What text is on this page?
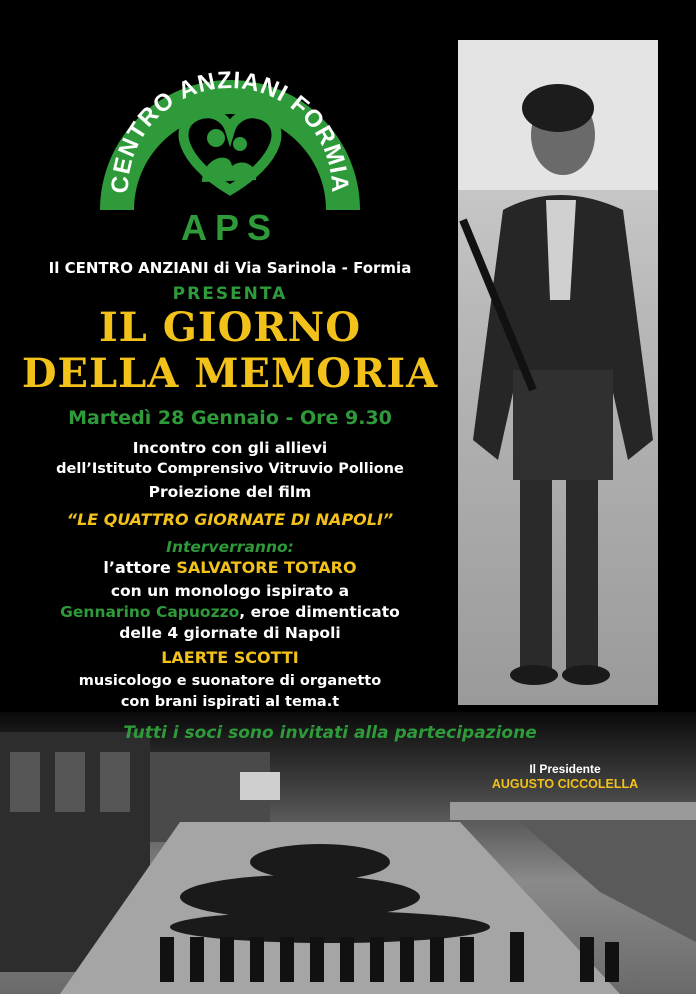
CENTRO ANZIANI FORMIA
APS
Il CENTRO ANZIANI di Via Sarinola - Formia
PRESENTA
IL GIORNO
DELLA MEMORIA
Martedì 28 Gennaio - Ore 9.30
Incontro con gli allievi
dell’Istituto Comprensivo Vitruvio Pollione
Proiezione del film
“LE QUATTRO GIORNATE DI NAPOLI”
Interverranno:
l’attore SALVATORE TOTARO
con un monologo ispirato a
Gennarino Capuozzo, eroe dimenticato
delle 4 giornate di Napoli
LAERTE SCOTTI
musicologo e suonatore di organetto
con brani ispirati al tema.t
Tutti i soci sono invitati alla partecipazione
Il Presidente
AUGUSTO CICCOLELLA
